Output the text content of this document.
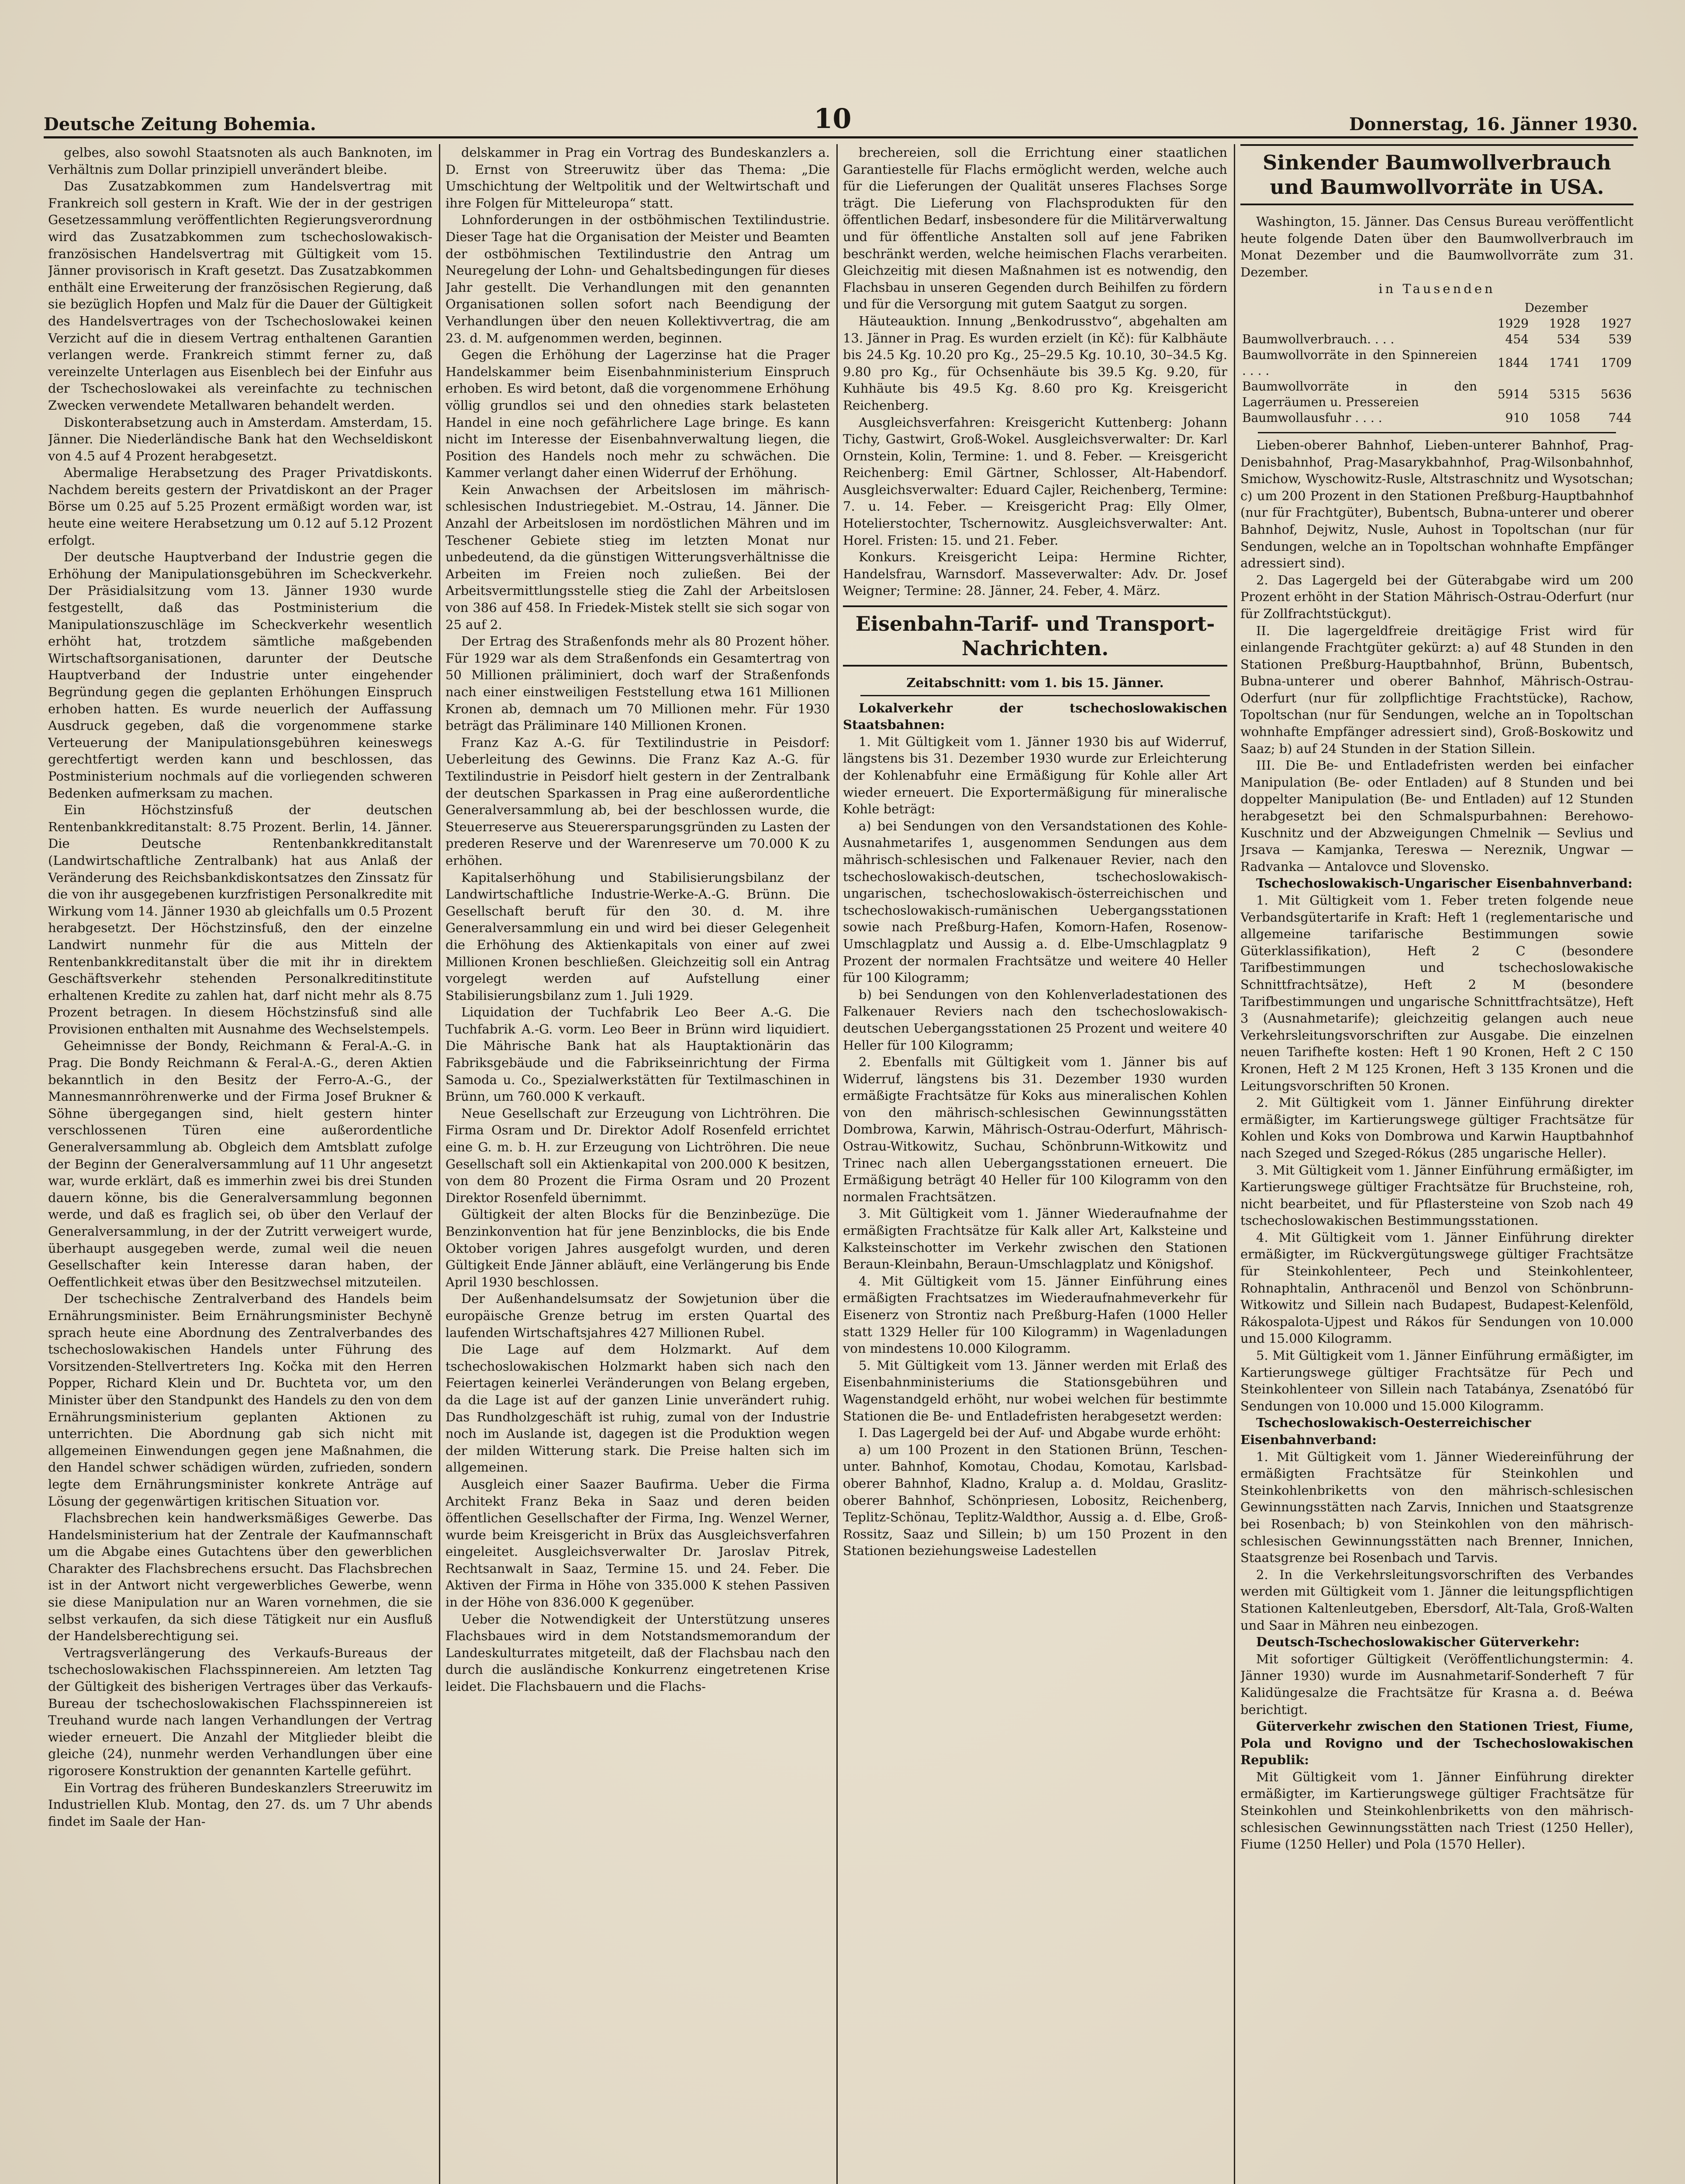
Deutsche Zeitung Bohemia.	10	Donnerstag, 16. Jänner 1930.

gelbes, also sowohl Staatsnoten als auch Banknoten, im Verhältnis zum Dollar prinzipiell unverändert bleibe.

Das Zusatzabkommen zum Handelsvertrag mit Frankreich soll gestern in Kraft. Wie der in der gestrigen Gesetzessammlung veröffentlichten Regierungsverordnung wird das Zusatzabkommen zum tschechoslowakisch-französischen Handelsvertrag mit Gültigkeit vom 15. Jänner provisorisch in Kraft gesetzt. Das Zusatzabkommen enthält eine Erweiterung der französischen Regierung, daß sie bezüglich Hopfen und Malz für die Dauer der Gültigkeit des Handelsvertrages von der Tschechoslowakei keinen Verzicht auf die in diesem Vertrag enthaltenen Garantien verlangen werde. Frankreich stimmt ferner zu, daß vereinzelte Unterlagen aus Eisenblech bei der Einfuhr aus der Tschechoslowakei als vereinfachte zu technischen Zwecken verwendete Metallwaren behandelt werden.

Diskonterabsetzung auch in Amsterdam. Amsterdam, 15. Jänner. Die Niederländische Bank hat den Wechseldiskont von 4.5 auf 4 Prozent herabgesetzt.

Abermalige Herabsetzung des Prager Privatdiskonts. Nachdem bereits gestern der Privatdiskont an der Prager Börse um 0.25 auf 5.25 Prozent ermäßigt worden war, ist heute eine weitere Herabsetzung um 0.12 auf 5.12 Prozent erfolgt.

Der deutsche Hauptverband der Industrie gegen die Erhöhung der Manipulationsgebühren im Scheckverkehr. Der Präsidialsitzung vom 13. Jänner 1930 wurde festgestellt, daß das Postministerium die Manipulationszuschläge im Scheckverkehr wesentlich erhöht hat, trotzdem sämtliche maßgebenden Wirtschaftsorganisationen, darunter der Deutsche Hauptverband der Industrie unter eingehender Begründung gegen die geplanten Erhöhungen Einspruch erhoben hatten. Es wurde neuerlich der Auffassung Ausdruck gegeben, daß die vorgenommene starke Verteuerung der Manipulationsgebühren keineswegs gerechtfertigt werden kann und beschlossen, das Postministerium nochmals auf die vorliegenden schweren Bedenken aufmerksam zu machen.

Ein Höchstzinsfuß der deutschen Rentenbankkreditanstalt: 8.75 Prozent. Berlin, 14. Jänner. Die Deutsche Rentenbankkreditanstalt (Landwirtschaftliche Zentralbank) hat aus Anlaß der Veränderung des Reichsbankdiskontsatzes den Zinssatz für die von ihr ausgegebenen kurzfristigen Personalkredite mit Wirkung vom 14. Jänner 1930 ab gleichfalls um 0.5 Prozent herabgesetzt. Der Höchstzinsfuß, den der einzelne Landwirt nunmehr für die aus Mitteln der Rentenbankkreditanstalt über die mit ihr in direktem Geschäftsverkehr stehenden Personalkreditinstitute erhaltenen Kredite zu zahlen hat, darf nicht mehr als 8.75 Prozent betragen. In diesem Höchstzinsfuß sind alle Provisionen enthalten mit Ausnahme des Wechselstempels.

Geheimnisse der Bondy, Reichmann & Feral-A.-G. in Prag. Die Bondy Reichmann & Feral-A.-G., deren Aktien bekanntlich in den Besitz der Ferro-A.-G., der Mannesmannröhrenwerke und der Firma Josef Brukner & Söhne übergegangen sind, hielt gestern hinter verschlossenen Türen eine außerordentliche Generalversammlung ab. Obgleich dem Amtsblatt zufolge der Beginn der Generalversammlung auf 11 Uhr angesetzt war, wurde erklärt, daß es immerhin zwei bis drei Stunden dauern könne, bis die Generalversammlung begonnen werde, und daß es fraglich sei, ob über den Verlauf der Generalversammlung, in der der Zutritt verweigert wurde, überhaupt ausgegeben werde, zumal weil die neuen Gesellschafter kein Interesse daran haben, der Oeffentlichkeit etwas über den Besitzwechsel mitzuteilen.

Der tschechische Zentralverband des Handels beim Ernährungsminister. Beim Ernährungsminister Bechyně sprach heute eine Abordnung des Zentralverbandes des tschechoslowakischen Handels unter Führung des Vorsitzenden-Stellvertreters Ing. Kočka mit den Herren Popper, Richard Klein und Dr. Buchteta vor, um den Minister über den Standpunkt des Handels zu den von dem Ernährungsministerium geplanten Aktionen zu unterrichten. Die Abordnung gab sich nicht mit allgemeinen Einwendungen gegen jene Maßnahmen, die den Handel schwer schädigen würden, zufrieden, sondern legte dem Ernährungsminister konkrete Anträge auf Lösung der gegenwärtigen kritischen Situation vor.

Flachsbrechen kein handwerksmäßiges Gewerbe. Das Handelsministerium hat der Zentrale der Kaufmannschaft um die Abgabe eines Gutachtens über den gewerblichen Charakter des Flachsbrechens ersucht. Das Flachsbrechen ist in der Antwort nicht vergewerbliches Gewerbe, wenn sie diese Manipulation nur an Waren vornehmen, die sie selbst verkaufen, da sich diese Tätigkeit nur ein Ausfluß der Handelsberechtigung sei.

Vertragsverlängerung des Verkaufs-Bureaus der tschechoslowakischen Flachsspinnereien. Am letzten Tag der Gültigkeit des bisherigen Vertrages über das Verkaufs-Bureau der tschechoslowakischen Flachsspinnereien ist Treuhand wurde nach langen Verhandlungen der Vertrag wieder erneuert. Die Anzahl der Mitglieder bleibt die gleiche (24), nunmehr werden Verhandlungen über eine rigorosere Konstruktion der genannten Kartelle geführt.

Ein Vortrag des früheren Bundeskanzlers Streeruwitz im Industriellen Klub. Montag, den 27. ds. um 7 Uhr abends findet im Saale der Han-

delskammer in Prag ein Vortrag des Bundeskanzlers a. D. Ernst von Streeruwitz über das Thema: „Die Umschichtung der Weltpolitik und der Weltwirtschaft und ihre Folgen für Mitteleuropa“ statt.

Lohnforderungen in der ostböhmischen Textilindustrie. Dieser Tage hat die Organisation der Meister und Beamten der ostböhmischen Textilindustrie den Antrag um Neuregelung der Lohn- und Gehaltsbedingungen für dieses Jahr gestellt. Die Verhandlungen mit den genannten Organisationen sollen sofort nach Beendigung der Verhandlungen über den neuen Kollektivvertrag, die am 23. d. M. aufgenommen werden, beginnen.

Gegen die Erhöhung der Lagerzinse hat die Prager Handelskammer beim Eisenbahnministerium Einspruch erhoben. Es wird betont, daß die vorgenommene Erhöhung völlig grundlos sei und den ohnedies stark belasteten Handel in eine noch gefährlichere Lage bringe. Es kann nicht im Interesse der Eisenbahnverwaltung liegen, die Position des Handels noch mehr zu schwächen. Die Kammer verlangt daher einen Widerruf der Erhöhung.

Kein Anwachsen der Arbeitslosen im mährisch-schlesischen Industriegebiet. M.-Ostrau, 14. Jänner. Die Anzahl der Arbeitslosen im nordöstlichen Mähren und im Teschener Gebiete stieg im letzten Monat nur unbedeutend, da die günstigen Witterungsverhältnisse die Arbeiten im Freien noch zuließen. Bei der Arbeitsvermittlungsstelle stieg die Zahl der Arbeitslosen von 386 auf 458. In Friedek-Mistek stellt sie sich sogar von 25 auf 2.

Der Ertrag des Straßenfonds mehr als 80 Prozent höher. Für 1929 war als dem Straßenfonds ein Gesamtertrag von 50 Millionen präliminiert, doch warf der Straßenfonds nach einer einstweiligen Feststellung etwa 161 Millionen Kronen ab, demnach um 70 Millionen mehr. Für 1930 beträgt das Präliminare 140 Millionen Kronen.

Franz Kaz A.-G. für Textilindustrie in Peisdorf: Ueberleitung des Gewinns. Die Franz Kaz A.-G. für Textilindustrie in Peisdorf hielt gestern in der Zentralbank der deutschen Sparkassen in Prag eine außerordentliche Generalversammlung ab, bei der beschlossen wurde, die Steuerreserve aus Steuerersparungsgründen zu Lasten der prederen Reserve und der Warenreserve um 70.000 K zu erhöhen.

Kapitalserhöhung und Stabilisierungsbilanz der Landwirtschaftliche Industrie-Werke-A.-G. Brünn. Die Gesellschaft beruft für den 30. d. M. ihre Generalversammlung ein und wird bei dieser Gelegenheit die Erhöhung des Aktienkapitals von einer auf zwei Millionen Kronen beschließen. Gleichzeitig soll ein Antrag vorgelegt werden auf Aufstellung einer Stabilisierungsbilanz zum 1. Juli 1929.

Liquidation der Tuchfabrik Leo Beer A.-G. Die Tuchfabrik A.-G. vorm. Leo Beer in Brünn wird liquidiert. Die Mährische Bank hat als Hauptaktionärin das Fabriksgebäude und die Fabrikseinrichtung der Firma Samoda u. Co., Spezialwerkstätten für Textilmaschinen in Brünn, um 760.000 K verkauft.

Neue Gesellschaft zur Erzeugung von Lichtröhren. Die Firma Osram und Dr. Direktor Adolf Rosenfeld errichtet eine G. m. b. H. zur Erzeugung von Lichtröhren. Die neue Gesellschaft soll ein Aktienkapital von 200.000 K besitzen, von dem 80 Prozent die Firma Osram und 20 Prozent Direktor Rosenfeld übernimmt.

Gültigkeit der alten Blocks für die Benzinbezüge. Die Benzinkonvention hat für jene Benzinblocks, die bis Ende Oktober vorigen Jahres ausgefolgt wurden, und deren Gültigkeit Ende Jänner abläuft, eine Verlängerung bis Ende April 1930 beschlossen.

Der Außenhandelsumsatz der Sowjetunion über die europäische Grenze betrug im ersten Quartal des laufenden Wirtschaftsjahres 427 Millionen Rubel.

Die Lage auf dem Holzmarkt. Auf dem tschechoslowakischen Holzmarkt haben sich nach den Feiertagen keinerlei Veränderungen von Belang ergeben, da die Lage ist auf der ganzen Linie unverändert ruhig. Das Rundholzgeschäft ist ruhig, zumal von der Industrie noch im Auslande ist, dagegen ist die Produktion wegen der milden Witterung stark. Die Preise halten sich im allgemeinen.

Ausgleich einer Saazer Baufirma. Ueber die Firma Architekt Franz Beka in Saaz und deren beiden öffentlichen Gesellschafter der Firma, Ing. Wenzel Werner, wurde beim Kreisgericht in Brüx das Ausgleichsverfahren eingeleitet. Ausgleichsverwalter Dr. Jaroslav Pitrek, Rechtsanwalt in Saaz, Termine 15. und 24. Feber. Die Aktiven der Firma in Höhe von 335.000 K stehen Passiven in der Höhe von 836.000 K gegenüber.

Ueber die Notwendigkeit der Unterstützung unseres Flachsbaues wird in dem Notstandsmemorandum der Landeskulturrates mitgeteilt, daß der Flachsbau nach den durch die ausländische Konkurrenz eingetretenen Krise leidet. Die Flachsbauern und die Flachs-

brechereien, soll die Errichtung einer staatlichen Garantiestelle für Flachs ermöglicht werden, welche auch für die Lieferungen der Qualität unseres Flachses Sorge trägt. Die Lieferung von Flachsprodukten für den öffentlichen Bedarf, insbesondere für die Militärverwaltung und für öffentliche Anstalten soll auf jene Fabriken beschränkt werden, welche heimischen Flachs verarbeiten. Gleichzeitig mit diesen Maßnahmen ist es notwendig, den Flachsbau in unseren Gegenden durch Beihilfen zu fördern und für die Versorgung mit gutem Saatgut zu sorgen.

Häuteauktion. Innung „Benkodrusstvo“, abgehalten am 13. Jänner in Prag. Es wurden erzielt (in Kč): für Kalbhäute bis 24.5 Kg. 10.20 pro Kg., 25–29.5 Kg. 10.10, 30–34.5 Kg. 9.80 pro Kg., für Ochsenhäute bis 39.5 Kg. 9.20, für Kuhhäute bis 49.5 Kg. 8.60 pro Kg. Kreisgericht Reichenberg.

Ausgleichsverfahren: Kreisgericht Kuttenberg: Johann Tichy, Gastwirt, Groß-Wokel. Ausgleichsverwalter: Dr. Karl Ornstein, Kolin, Termine: 1. und 8. Feber. — Kreisgericht Reichenberg: Emil Gärtner, Schlosser, Alt-Habendorf. Ausgleichsverwalter: Eduard Cajler, Reichenberg, Termine: 7. u. 14. Feber. — Kreisgericht Prag: Elly Olmer, Hotelierstochter, Tschernowitz. Ausgleichsverwalter: Ant. Horel. Fristen: 15. und 21. Feber.

Konkurs. Kreisgericht Leipa: Hermine Richter, Handelsfrau, Warnsdorf. Masseverwalter: Adv. Dr. Josef Weigner; Termine: 28. Jänner, 24. Feber, 4. März.

Eisenbahn-Tarif- und Transport-Nachrichten.
Zeitabschnitt: vom 1. bis 15. Jänner.

Lokalverkehr der tschechoslowakischen Staatsbahnen:

1. Mit Gültigkeit vom 1. Jänner 1930 bis auf Widerruf, längstens bis 31. Dezember 1930 wurde zur Erleichterung der Kohlenabfuhr eine Ermäßigung für Kohle aller Art wieder erneuert. Die Exportermäßigung für mineralische Kohle beträgt:

a) bei Sendungen von den Versandstationen des Kohle-Ausnahmetarifes 1, ausgenommen Sendungen aus dem mährisch-schlesischen und Falkenauer Revier, nach den tschechoslowakisch-deutschen, tschechoslowakisch-ungarischen, tschechoslowakisch-österreichischen und tschechoslowakisch-rumänischen Uebergangsstationen sowie nach Preßburg-Hafen, Komorn-Hafen, Rosenow-Umschlagplatz und Aussig a. d. Elbe-Umschlagplatz 9 Prozent der normalen Frachtsätze und weitere 40 Heller für 100 Kilogramm;

b) bei Sendungen von den Kohlenverladestationen des Falkenauer Reviers nach den tschechoslowakisch-deutschen Uebergangsstationen 25 Prozent und weitere 40 Heller für 100 Kilogramm;

2. Ebenfalls mit Gültigkeit vom 1. Jänner bis auf Widerruf, längstens bis 31. Dezember 1930 wurden ermäßigte Frachtsätze für Koks aus mineralischen Kohlen von den mährisch-schlesischen Gewinnungsstätten Dombrowa, Karwin, Mährisch-Ostrau-Oderfurt, Mährisch-Ostrau-Witkowitz, Suchau, Schönbrunn-Witkowitz und Trinec nach allen Uebergangsstationen erneuert. Die Ermäßigung beträgt 40 Heller für 100 Kilogramm von den normalen Frachtsätzen.

3. Mit Gültigkeit vom 1. Jänner Wiederaufnahme der ermäßigten Frachtsätze für Kalk aller Art, Kalksteine und Kalksteinschotter im Verkehr zwischen den Stationen Beraun-Kleinbahn, Beraun-Umschlagplatz und Königshof.

4. Mit Gültigkeit vom 15. Jänner Einführung eines ermäßigten Frachtsatzes im Wiederaufnahmeverkehr für Eisenerz von Strontiz nach Preßburg-Hafen (1000 Heller statt 1329 Heller für 100 Kilogramm) in Wagenladungen von mindestens 10.000 Kilogramm.

5. Mit Gültigkeit vom 13. Jänner werden mit Erlaß des Eisenbahnministeriums die Stationsgebühren und Wagenstandgeld erhöht, nur wobei welchen für bestimmte Stationen die Be- und Entladefristen herabgesetzt werden:

I. Das Lagergeld bei der Auf- und Abgabe wurde erhöht:

a) um 100 Prozent in den Stationen Brünn, Teschen-unter. Bahnhof, Komotau, Chodau, Komotau, Karlsbad-oberer Bahnhof, Kladno, Kralup a. d. Moldau, Graslitz-oberer Bahnhof, Schönpriesen, Lobositz, Reichenberg, Teplitz-Schönau, Teplitz-Waldthor, Aussig a. d. Elbe, Groß-Rossitz, Saaz und Sillein; b) um 150 Prozent in den Stationen beziehungsweise Ladestellen

Sinkender Baumwollverbrauch und Baumwollvorräte in USA.

Washington, 15. Jänner. Das Census Bureau veröffentlicht heute folgende Daten über den Baumwollverbrauch im Monat Dezember und die Baumwollvorräte zum 31. Dezember.

in Tausenden
	Dezember		
	1929	1928	1927
Baumwollverbrauch. . . .	454	534	539
Baumwollvorräte in den Spinnereien . . . .	1844	1741	1709
Baumwollvorräte in den Lagerräumen u. Pressereien	5914	5315	5636
Baumwollausfuhr . . . .	910	1058	744

Lieben-oberer Bahnhof, Lieben-unterer Bahnhof, Prag-Denisbahnhof, Prag-Masarykbahnhof, Prag-Wilsonbahnhof, Smichow, Wyschowitz-Rusle, Altstraschnitz und Wysotschan; c) um 200 Prozent in den Stationen Preßburg-Hauptbahnhof (nur für Frachtgüter), Bubentsch, Bubna-unterer und oberer Bahnhof, Dejwitz, Nusle, Auhost in Topoltschan (nur für Sendungen, welche an in Topoltschan wohnhafte Empfänger adressiert sind).

2. Das Lagergeld bei der Güterabgabe wird um 200 Prozent erhöht in der Station Mährisch-Ostrau-Oderfurt (nur für Zollfrachtstückgut).

II. Die lagergeldfreie dreitägige Frist wird für einlangende Frachtgüter gekürzt: a) auf 48 Stunden in den Stationen Preßburg-Hauptbahnhof, Brünn, Bubentsch, Bubna-unterer und oberer Bahnhof, Mährisch-Ostrau-Oderfurt (nur für zollpflichtige Frachtstücke), Rachow, Topoltschan (nur für Sendungen, welche an in Topoltschan wohnhafte Empfänger adressiert sind), Groß-Boskowitz und Saaz; b) auf 24 Stunden in der Station Sillein.

III. Die Be- und Entladefristen werden bei einfacher Manipulation (Be- oder Entladen) auf 8 Stunden und bei doppelter Manipulation (Be- und Entladen) auf 12 Stunden herabgesetzt bei den Schmalspurbahnen: Berehowo-Kuschnitz und der Abzweigungen Chmelnik — Sevlius und Jrsava — Kamjanka, Tereswa — Nereznik, Ungwar — Radvanka — Antalovce und Slovensko.

Tschechoslowakisch-Ungarischer Eisenbahnverband:

1. Mit Gültigkeit vom 1. Feber treten folgende neue Verbandsgütertarife in Kraft: Heft 1 (reglementarische und allgemeine tarifarische Bestimmungen sowie Güterklassifikation), Heft 2 C (besondere Tarifbestimmungen und tschechoslowakische Schnittfrachtsätze), Heft 2 M (besondere Tarifbestimmungen und ungarische Schnittfrachtsätze), Heft 3 (Ausnahmetarife); gleichzeitig gelangen auch neue Verkehrsleitungsvorschriften zur Ausgabe. Die einzelnen neuen Tarifhefte kosten: Heft 1 90 Kronen, Heft 2 C 150 Kronen, Heft 2 M 125 Kronen, Heft 3 135 Kronen und die Leitungsvorschriften 50 Kronen.

2. Mit Gültigkeit vom 1. Jänner Einführung direkter ermäßigter, im Kartierungswege gültiger Frachtsätze für Kohlen und Koks von Dombrowa und Karwin Hauptbahnhof nach Szeged und Szeged-Rókus (285 ungarische Heller).

3. Mit Gültigkeit vom 1. Jänner Einführung ermäßigter, im Kartierungswege gültiger Frachtsätze für Bruchsteine, roh, nicht bearbeitet, und für Pflastersteine von Szob nach 49 tschechoslowakischen Bestimmungsstationen.

4. Mit Gültigkeit vom 1. Jänner Einführung direkter ermäßigter, im Rückvergütungswege gültiger Frachtsätze für Steinkohlenteer, Pech und Steinkohlenteer, Rohnaphtalin, Anthracenöl und Benzol von Schönbrunn-Witkowitz und Sillein nach Budapest, Budapest-Kelenföld, Rákospalota-Ujpest und Rákos für Sendungen von 10.000 und 15.000 Kilogramm.

5. Mit Gültigkeit vom 1. Jänner Einführung ermäßigter, im Kartierungswege gültiger Frachtsätze für Pech und Steinkohlenteer von Sillein nach Tatabánya, Zsenatóbó für Sendungen von 10.000 und 15.000 Kilogramm.

Tschechoslowakisch-Oesterreichischer Eisenbahnverband:

1. Mit Gültigkeit vom 1. Jänner Wiedereinführung der ermäßigten Frachtsätze für Steinkohlen und Steinkohlenbriketts von den mährisch-schlesischen Gewinnungsstätten nach Zarvis, Innichen und Staatsgrenze bei Rosenbach; b) von Steinkohlen von den mährisch-schlesischen Gewinnungsstätten nach Brenner, Innichen, Staatsgrenze bei Rosenbach und Tarvis.

2. In die Verkehrsleitungsvorschriften des Verbandes werden mit Gültigkeit vom 1. Jänner die leitungspflichtigen Stationen Kaltenleutgeben, Ebersdorf, Alt-Tala, Groß-Walten und Saar in Mähren neu einbezogen.

Deutsch-Tschechoslowakischer Güterverkehr:

Mit sofortiger Gültigkeit (Veröffentlichungstermin: 4. Jänner 1930) wurde im Ausnahmetarif-Sonderheft 7 für Kalidüngesalze die Frachtsätze für Krasna a. d. Beéwa berichtigt.

Güterverkehr zwischen den Stationen Triest, Fiume, Pola und Rovigno und der Tschechoslowakischen Republik:

Mit Gültigkeit vom 1. Jänner Einführung direkter ermäßigter, im Kartierungswege gültiger Frachtsätze für Steinkohlen und Steinkohlenbriketts von den mährisch-schlesischen Gewinnungsstätten nach Triest (1250 Heller), Fiume (1250 Heller) und Pola (1570 Heller).
